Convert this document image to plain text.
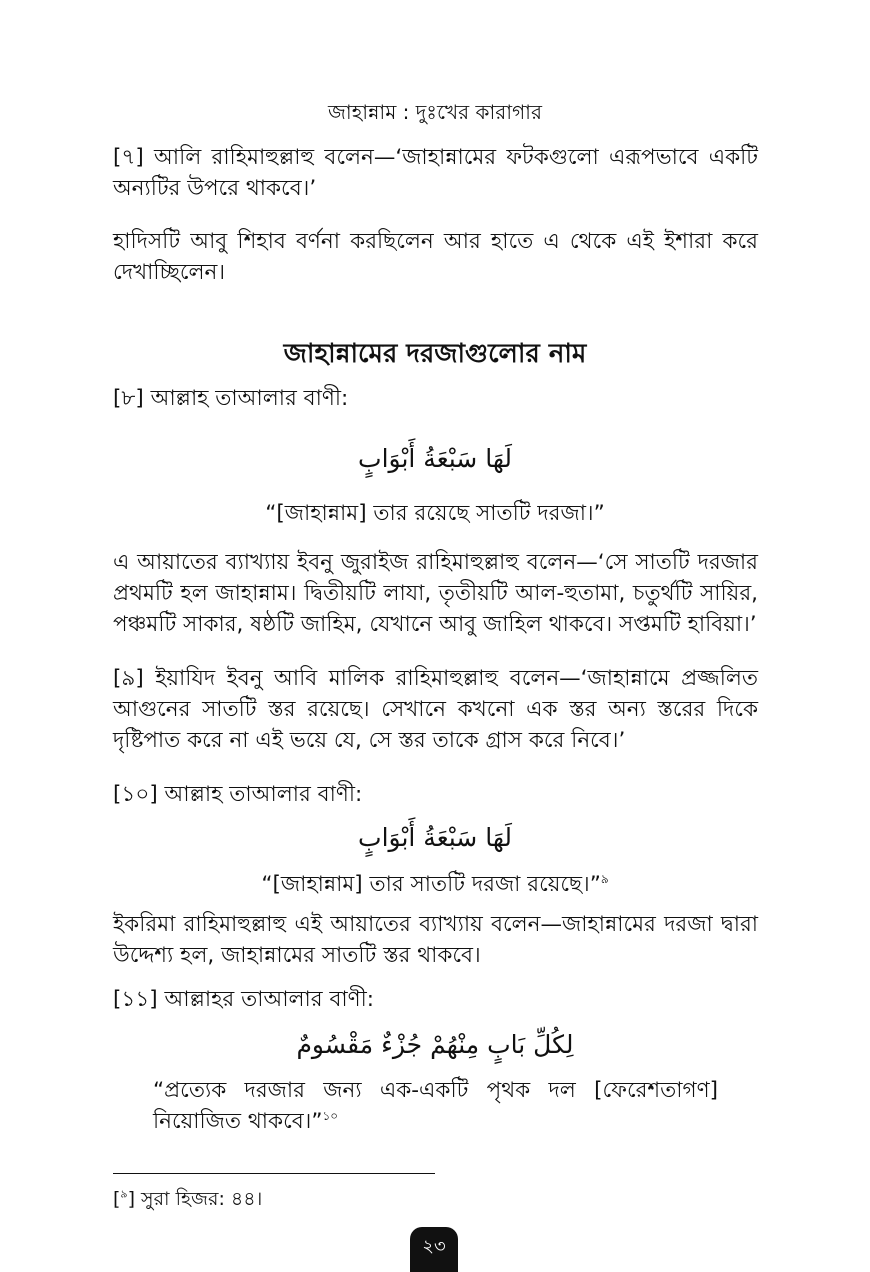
জাহান্নাম : দুঃখের কারাগার
[৭] আলি রাহিমাহুল্লাহু বলেন—‘জাহান্নামের ফটকগুলো এরূপভাবে একটি অন্যটির উপরে থাকবে।’
হাদিসটি আবু শিহাব বর্ণনা করছিলেন আর হাতে এ থেকে এই ইশারা করে দেখাচ্ছিলেন।
জাহান্নামের দরজাগুলোর নাম
[৮] আল্লাহ তাআলার বাণী:
لَهَا سَبْعَةُ أَبْوَابٍ
“[জাহান্নাম] তার রয়েছে সাতটি দরজা।”
এ আয়াতের ব্যাখ্যায় ইবনু জুরাইজ রাহিমাহুল্লাহু বলেন—‘সে সাতটি দরজার প্রথমটি হল জাহান্নাম। দ্বিতীয়টি লাযা, তৃতীয়টি আল-হুতামা, চতুর্থটি সায়ির, পঞ্চমটি সাকার, ষষ্ঠটি জাহিম, যেখানে আবু জাহিল থাকবে। সপ্তমটি হাবিয়া।’
[৯] ইয়াযিদ ইবনু আবি মালিক রাহিমাহুল্লাহু বলেন—‘জাহান্নামে প্রজ্জলিত আগুনের সাতটি স্তর রয়েছে। সেখানে কখনো এক স্তর অন্য স্তরের দিকে দৃষ্টিপাত করে না এই ভয়ে যে, সে স্তর তাকে গ্রাস করে নিবে।’
[১০] আল্লাহ তাআলার বাণী:
لَهَا سَبْعَةُ أَبْوَابٍ
“[জাহান্নাম] তার সাতটি দরজা রয়েছে।”$^৯$
ইকরিমা রাহিমাহুল্লাহু এই আয়াতের ব্যাখ্যায় বলেন—জাহান্নামের দরজা দ্বারা উদ্দেশ্য হল, জাহান্নামের সাতটি স্তর থাকবে।
[১১] আল্লাহর তাআলার বাণী:
لِكُلِّ بَابٍ مِنْهُمْ جُزْءٌ مَقْسُومٌ
“প্রত্যেক দরজার জন্য এক-একটি পৃথক দল [ফেরেশতাগণ] নিয়োজিত থাকবে।”$^{১০}$
[$^৯$] সুরা হিজর: ৪৪।
২৩
